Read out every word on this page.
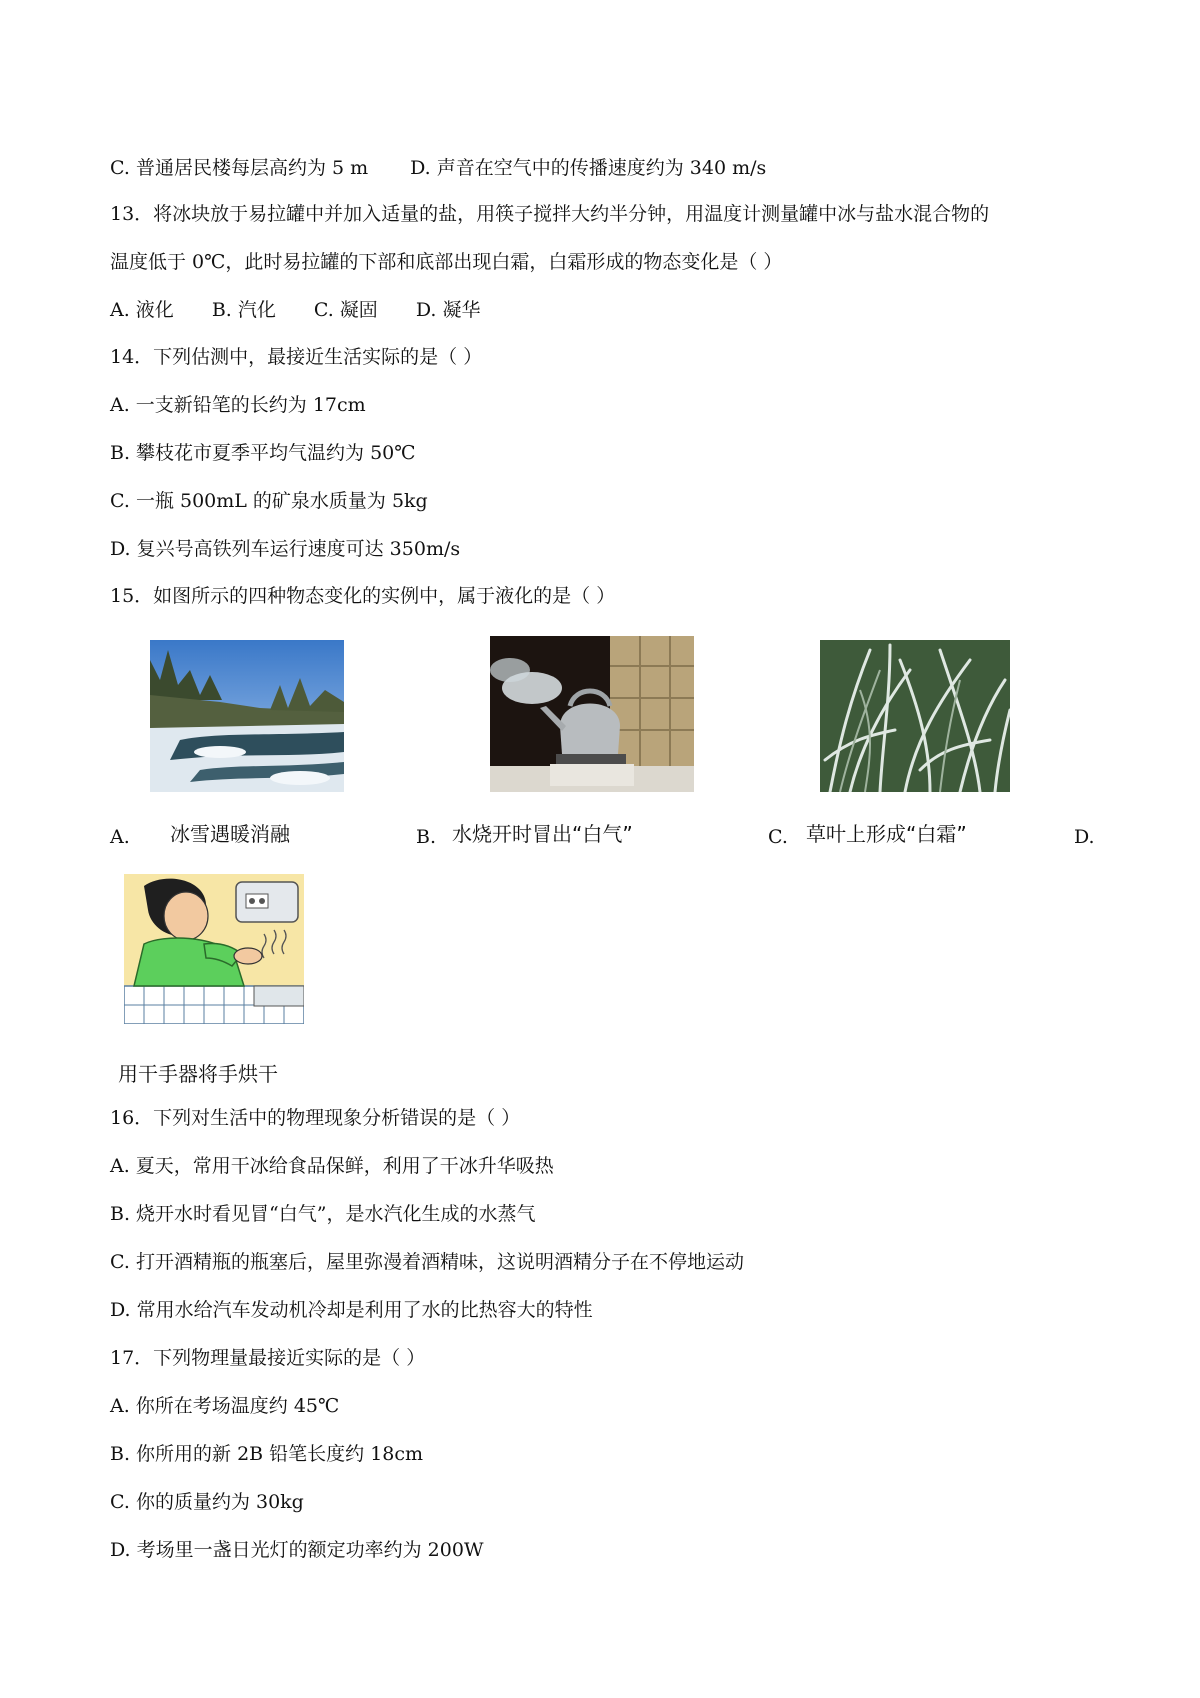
C. 普通居民楼每层高约为 5 m D. 声音在空气中的传播速度约为 340 m/s
13．将冰块放于易拉罐中并加入适量的盐，用筷子搅拌大约半分钟，用温度计测量罐中冰与盐水混合物的
温度低于 0℃，此时易拉罐的下部和底部出现白霜，白霜形成的物态变化是（ ）
A. 液化 B. 汽化 C. 凝固 D. 凝华
14．下列估测中，最接近生活实际的是（ ）
A. 一支新铅笔的长约为 17cm
B. 攀枝花市夏季平均气温约为 50℃
C. 一瓶 500mL 的矿泉水质量为 5kg
D. 复兴号高铁列车运行速度可达 350m/s
15．如图所示的四种物态变化的实例中，属于液化的是（ ）
A. 冰雪遇暖消融	B. 水烧开时冒出“白气”	C. 草叶上形成“白霜”	D.
用干手器将手烘干
16．下列对生活中的物理现象分析错误的是（ ）
A. 夏天，常用干冰给食品保鲜，利用了干冰升华吸热
B. 烧开水时看见冒“白气”，是水汽化生成的水蒸气
C. 打开酒精瓶的瓶塞后，屋里弥漫着酒精味，这说明酒精分子在不停地运动
D. 常用水给汽车发动机冷却是利用了水的比热容大的特性
17．下列物理量最接近实际的是（ ）
A. 你所在考场温度约 45℃
B. 你所用的新 2B 铅笔长度约 18cm
C. 你的质量约为 30kg
D. 考场里一盏日光灯的额定功率约为 200W
